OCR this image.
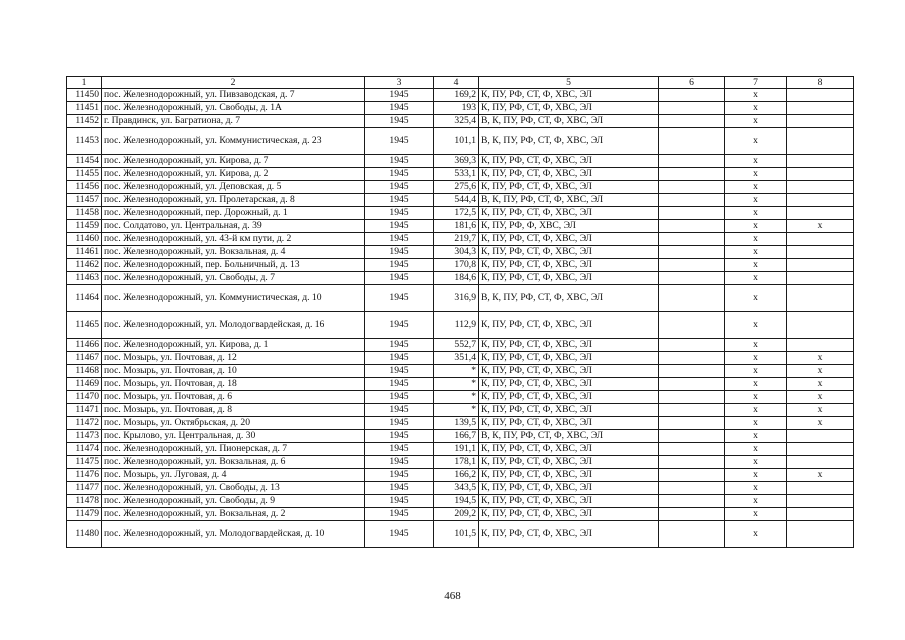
1	2	3	4	5	6	7	8
11450	пос. Железнодорожный, ул. Пивзаводская, д. 7	1945	169,2	К, ПУ, РФ, СТ, Ф, ХВС, ЭЛ		х	
11451	пос. Железнодорожный, ул. Свободы, д. 1А	1945	193	К, ПУ, РФ, СТ, Ф, ХВС, ЭЛ		х	
11452	г. Правдинск, ул. Багратиона, д. 7	1945	325,4	В, К, ПУ, РФ, СТ, Ф, ХВС, ЭЛ		х	
11453	пос. Железнодорожный, ул. Коммунистическая, д. 23	1945	101,1	В, К, ПУ, РФ, СТ, Ф, ХВС, ЭЛ		х	
11454	пос. Железнодорожный, ул. Кирова, д. 7	1945	369,3	К, ПУ, РФ, СТ, Ф, ХВС, ЭЛ		х	
11455	пос. Железнодорожный, ул. Кирова, д. 2	1945	533,1	К, ПУ, РФ, СТ, Ф, ХВС, ЭЛ		х	
11456	пос. Железнодорожный, ул. Деповская, д. 5	1945	275,6	К, ПУ, РФ, СТ, Ф, ХВС, ЭЛ		х	
11457	пос. Железнодорожный, ул. Пролетарская, д. 8	1945	544,4	В, К, ПУ, РФ, СТ, Ф, ХВС, ЭЛ		х	
11458	пос. Железнодорожный, пер. Дорожный, д. 1	1945	172,5	К, ПУ, РФ, СТ, Ф, ХВС, ЭЛ		х	
11459	пос. Солдатово, ул. Центральная, д. 39	1945	181,6	К, ПУ, РФ, Ф, ХВС, ЭЛ		х	х
11460	пос. Железнодорожный, ул. 43-й км пути, д. 2	1945	219,7	К, ПУ, РФ, СТ, Ф, ХВС, ЭЛ		х	
11461	пос. Железнодорожный, ул. Вокзальная, д. 4	1945	304,3	К, ПУ, РФ, СТ, Ф, ХВС, ЭЛ		х	
11462	пос. Железнодорожный, пер. Больничный, д. 13	1945	170,8	К, ПУ, РФ, СТ, Ф, ХВС, ЭЛ		х	
11463	пос. Железнодорожный, ул. Свободы, д. 7	1945	184,6	К, ПУ, РФ, СТ, Ф, ХВС, ЭЛ		х	
11464	пос. Железнодорожный, ул. Коммунистическая, д. 10	1945	316,9	В, К, ПУ, РФ, СТ, Ф, ХВС, ЭЛ		х	
11465	пос. Железнодорожный, ул. Молодогвардейская, д. 16	1945	112,9	К, ПУ, РФ, СТ, Ф, ХВС, ЭЛ		х	
11466	пос. Железнодорожный, ул. Кирова, д. 1	1945	552,7	К, ПУ, РФ, СТ, Ф, ХВС, ЭЛ		х	
11467	пос. Мозырь, ул. Почтовая, д. 12	1945	351,4	К, ПУ, РФ, СТ, Ф, ХВС, ЭЛ		х	х
11468	пос. Мозырь, ул. Почтовая, д. 10	1945	*	К, ПУ, РФ, СТ, Ф, ХВС, ЭЛ		х	х
11469	пос. Мозырь, ул. Почтовая, д. 18	1945	*	К, ПУ, РФ, СТ, Ф, ХВС, ЭЛ		х	х
11470	пос. Мозырь, ул. Почтовая, д. 6	1945	*	К, ПУ, РФ, СТ, Ф, ХВС, ЭЛ		х	х
11471	пос. Мозырь, ул. Почтовая, д. 8	1945	*	К, ПУ, РФ, СТ, Ф, ХВС, ЭЛ		х	х
11472	пос. Мозырь, ул. Октябрьская, д. 20	1945	139,5	К, ПУ, РФ, СТ, Ф, ХВС, ЭЛ		х	х
11473	пос. Крылово, ул. Центральная, д. 30	1945	166,7	В, К, ПУ, РФ, СТ, Ф, ХВС, ЭЛ		х	
11474	пос. Железнодорожный, ул. Пионерская, д. 7	1945	191,1	К, ПУ, РФ, СТ, Ф, ХВС, ЭЛ		х	
11475	пос. Железнодорожный, ул. Вокзальная, д. 6	1945	178,1	К, ПУ, РФ, СТ, Ф, ХВС, ЭЛ		х	
11476	пос. Мозырь, ул. Луговая, д. 4	1945	166,2	К, ПУ, РФ, СТ, Ф, ХВС, ЭЛ		х	х
11477	пос. Железнодорожный, ул. Свободы, д. 13	1945	343,5	К, ПУ, РФ, СТ, Ф, ХВС, ЭЛ		х	
11478	пос. Железнодорожный, ул. Свободы, д. 9	1945	194,5	К, ПУ, РФ, СТ, Ф, ХВС, ЭЛ		х	
11479	пос. Железнодорожный, ул. Вокзальная, д. 2	1945	209,2	К, ПУ, РФ, СТ, Ф, ХВС, ЭЛ		х	
11480	пос. Железнодорожный, ул. Молодогвардейская, д. 10	1945	101,5	К, ПУ, РФ, СТ, Ф, ХВС, ЭЛ		х	
468
